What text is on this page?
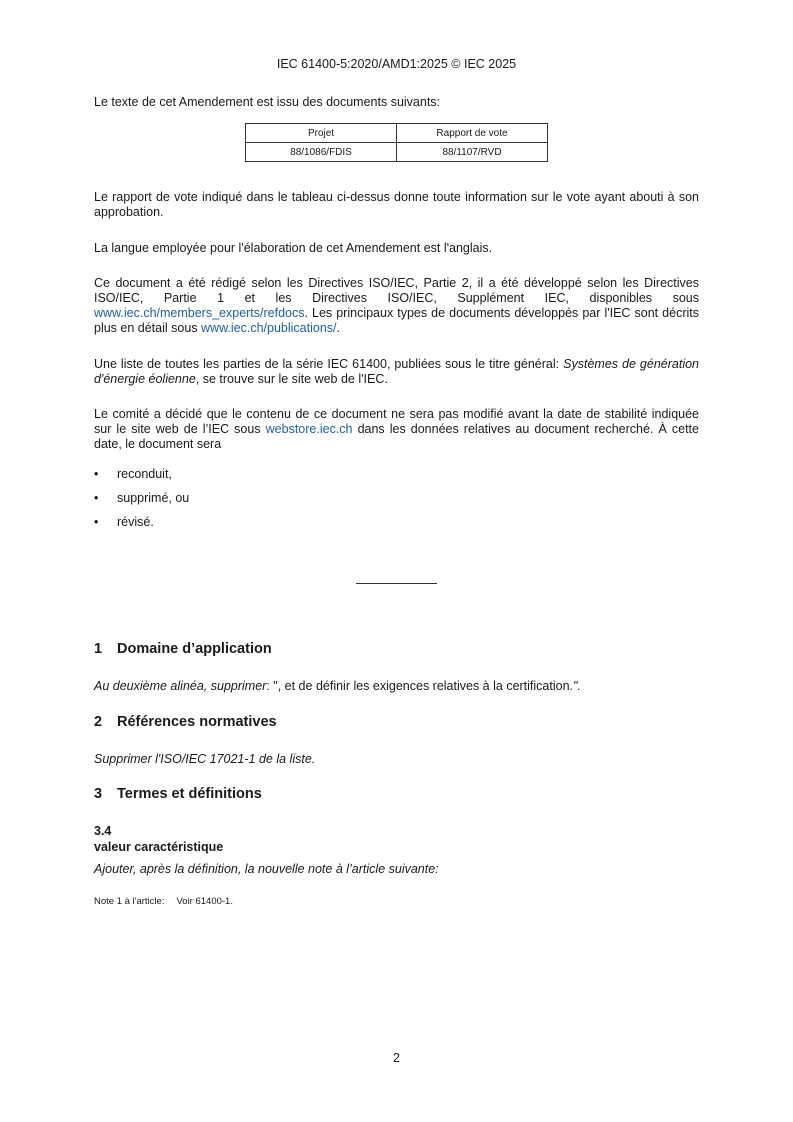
IEC 61400-5:2020/AMD1:2025 © IEC 2025
Le texte de cet Amendement est issu des documents suivants:
Projet	Rapport de vote
88/1086/FDIS	88/1107/RVD
Le rapport de vote indiqué dans le tableau ci-dessus donne toute information sur le vote ayant abouti à son approbation.
La langue employée pour l'élaboration de cet Amendement est l'anglais.
Ce document a été rédigé selon les Directives ISO/IEC, Partie 2, il a été développé selon les Directives ISO/IEC, Partie 1 et les Directives ISO/IEC, Supplément IEC, disponibles sous www.iec.ch/members_experts/refdocs. Les principaux types de documents développés par l'IEC sont décrits plus en détail sous www.iec.ch/publications/.
Une liste de toutes les parties de la série IEC 61400, publiées sous le titre général: Systèmes de génération d'énergie éolienne, se trouve sur le site web de l'IEC.
Le comité a décidé que le contenu de ce document ne sera pas modifié avant la date de stabilité indiquée sur le site web de l’IEC sous webstore.iec.ch dans les données relatives au document recherché. À cette date, le document sera
• reconduit,
• supprimé, ou
• révisé.
1 Domaine d’application
Au deuxième alinéa, supprimer: ", et de définir les exigences relatives à la certification.".
2 Références normatives
Supprimer l'ISO/IEC 17021-1 de la liste.
3 Termes et définitions
3.4
valeur caractéristique
Ajouter, après la définition, la nouvelle note à l’article suivante:
Note 1 à l'article: Voir 61400-1.
2
